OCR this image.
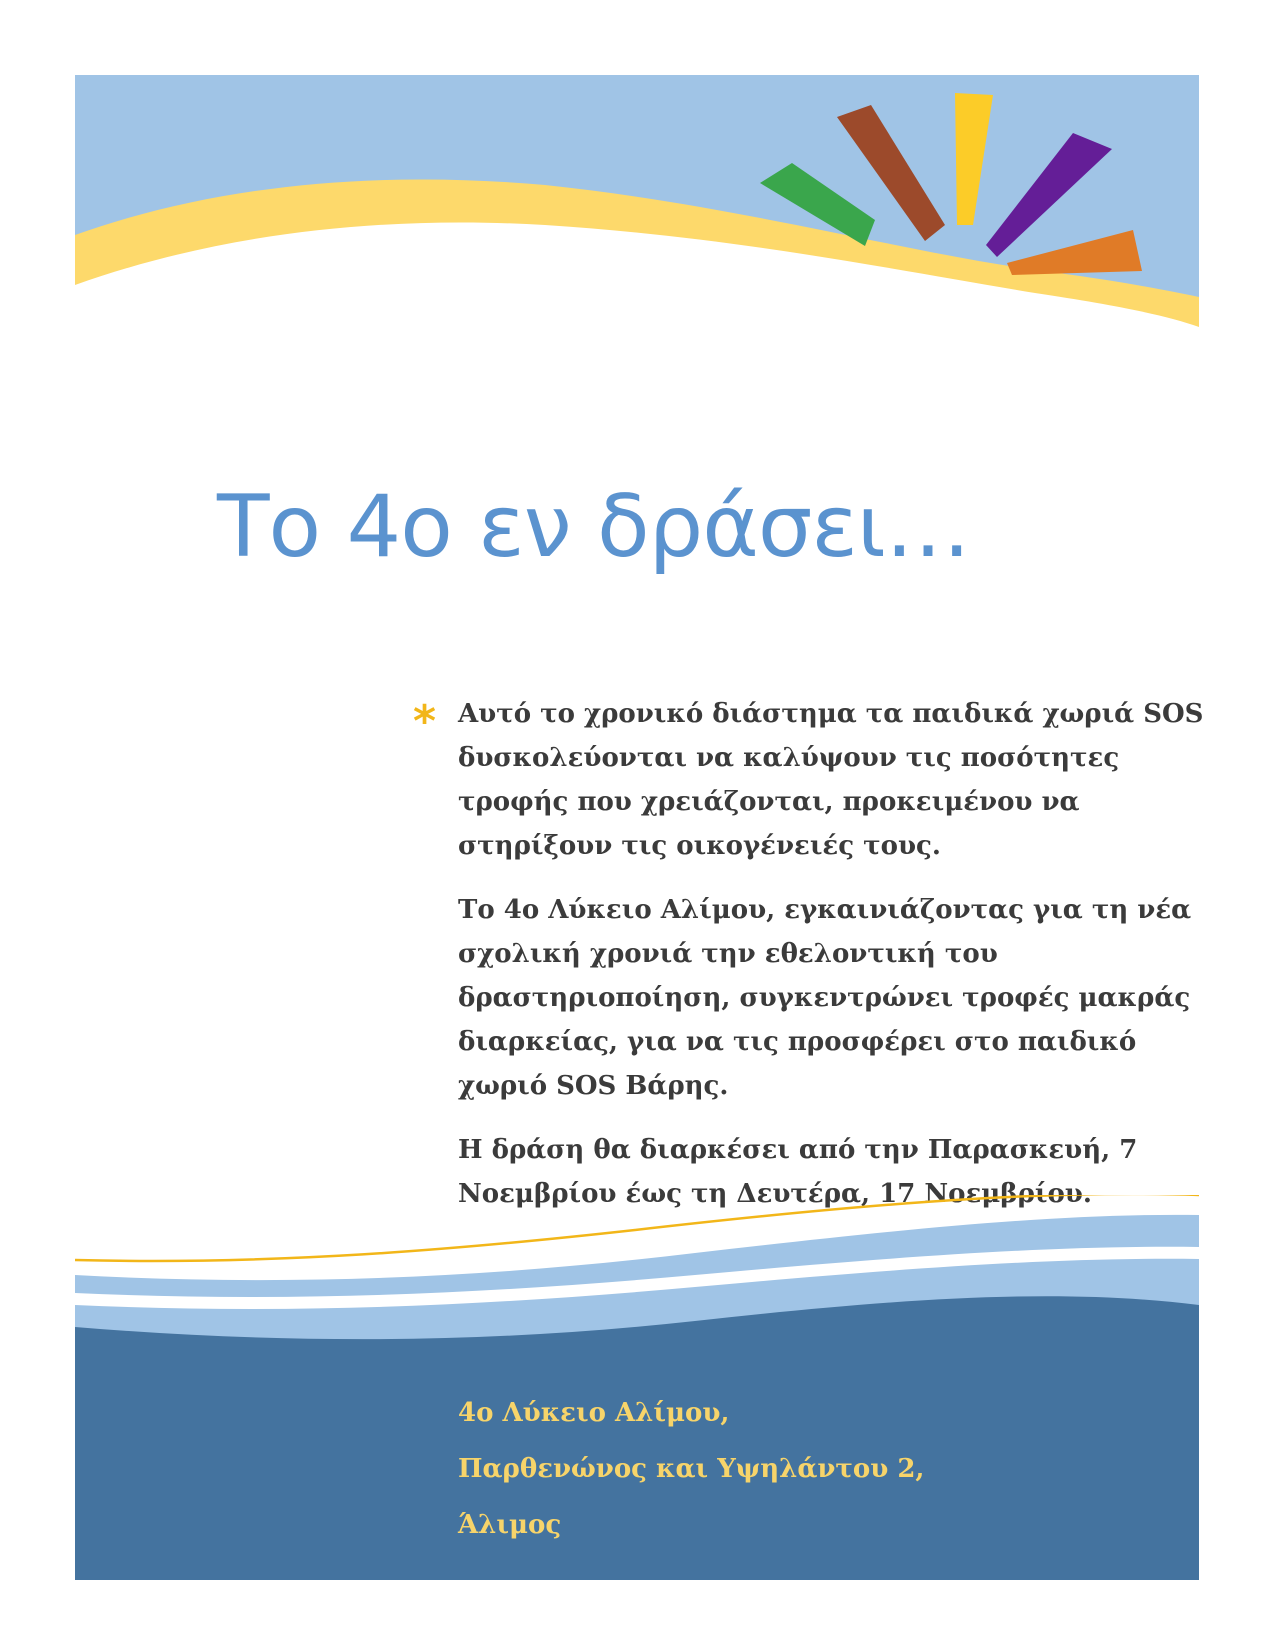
Το 4ο εν δράσει…
* Αυτό το χρονικό διάστημα τα παιδικά χωριά SOS δυσκολεύονται να καλύψουν τις ποσότητες τροφής που χρειάζονται, προκειμένου να στηρίξουν τις οικογένειές τους.

Το 4ο Λύκειο Αλίμου, εγκαινιάζοντας για τη νέα σχολική χρονιά την εθελοντική του δραστηριοποίηση, συγκεντρώνει τροφές μακράς διαρκείας, για να τις προσφέρει στο παιδικό χωριό SOS Βάρης.

Η δράση θα διαρκέσει από την Παρασκευή, 7 Νοεμβρίου έως τη Δευτέρα, 17 Νοεμβρίου.

4ο Λύκειο Αλίμου,
Παρθενώνος και Υψηλάντου 2,
Άλιμος
